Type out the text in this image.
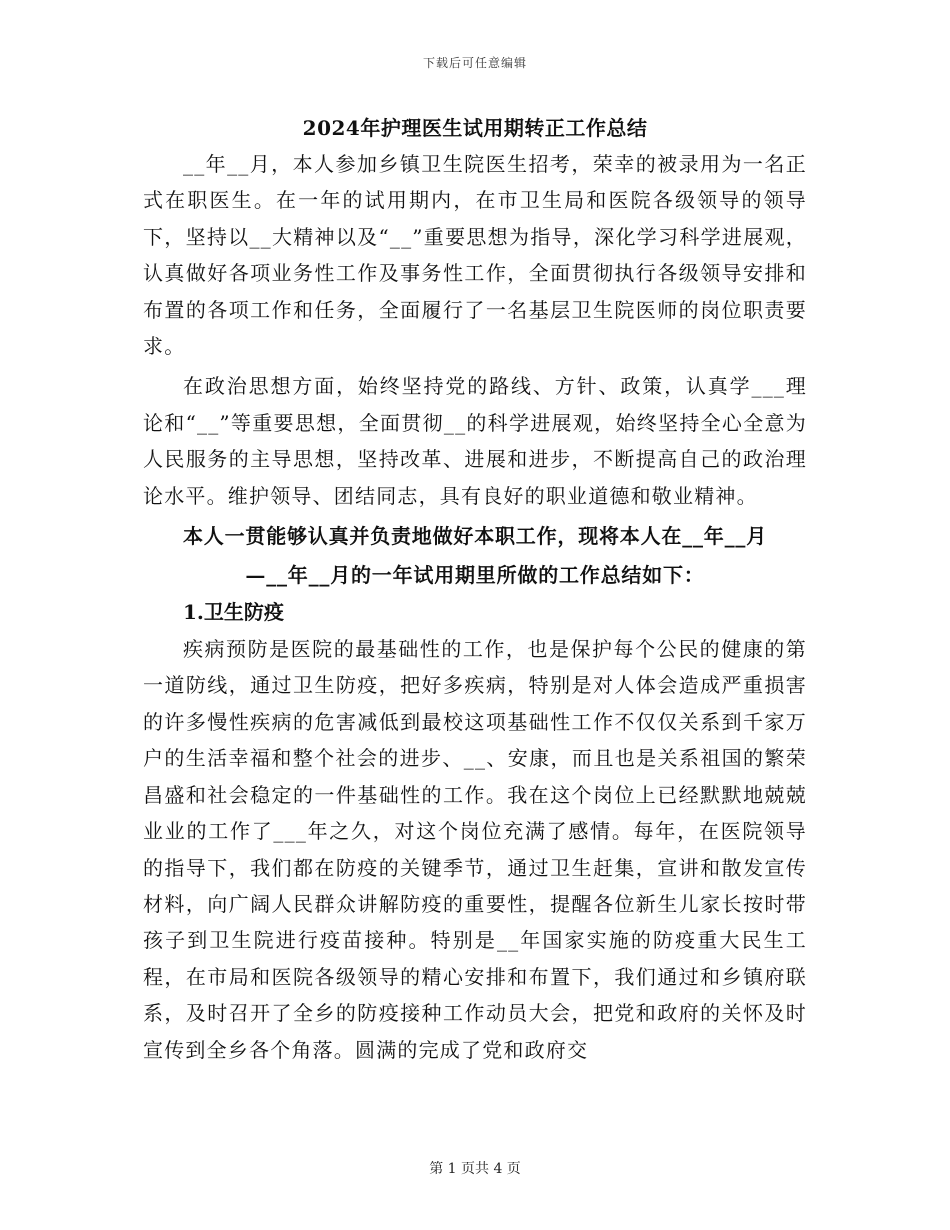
下载后可任意编辑
2024年护理医生试用期转正工作总结

__年__月，本人参加乡镇卫生院医生招考，荣幸的被录用为一名正式在职医生。在一年的试用期内，在市卫生局和医院各级领导的领导下，坚持以__大精神以及“__”重要思想为指导，深化学习科学进展观，认真做好各项业务性工作及事务性工作，全面贯彻执行各级领导安排和布置的各项工作和任务，全面履行了一名基层卫生院医师的岗位职责要求。

在政治思想方面，始终坚持党的路线、方针、政策，认真学___理论和“__”等重要思想，全面贯彻__的科学进展观，始终坚持全心全意为人民服务的主导思想，坚持改革、进展和进步，不断提高自己的政治理论水平。维护领导、团结同志，具有良好的职业道德和敬业精神。

本人一贯能够认真并负责地做好本职工作，现将本人在__年__月
—__年__月的一年试用期里所做的工作总结如下：
1.卫生防疫

疾病预防是医院的最基础性的工作，也是保护每个公民的健康的第一道防线，通过卫生防疫，把好多疾病，特别是对人体会造成严重损害的许多慢性疾病的危害减低到最校这项基础性工作不仅仅关系到千家万户的生活幸福和整个社会的进步、__、安康，而且也是关系祖国的繁荣昌盛和社会稳定的一件基础性的工作。我在这个岗位上已经默默地兢兢业业的工作了___年之久，对这个岗位充满了感情。每年，在医院领导的指导下，我们都在防疫的关键季节，通过卫生赶集，宣讲和散发宣传材料，向广阔人民群众讲解防疫的重要性，提醒各位新生儿家长按时带孩子到卫生院进行疫苗接种。特别是__年国家实施的防疫重大民生工程，在市局和医院各级领导的精心安排和布置下，我们通过和乡镇府联系，及时召开了全乡的防疫接种工作动员大会，把党和政府的关怀及时宣传到全乡各个角落。圆满的完成了党和政府交

第 1 页共 4 页
